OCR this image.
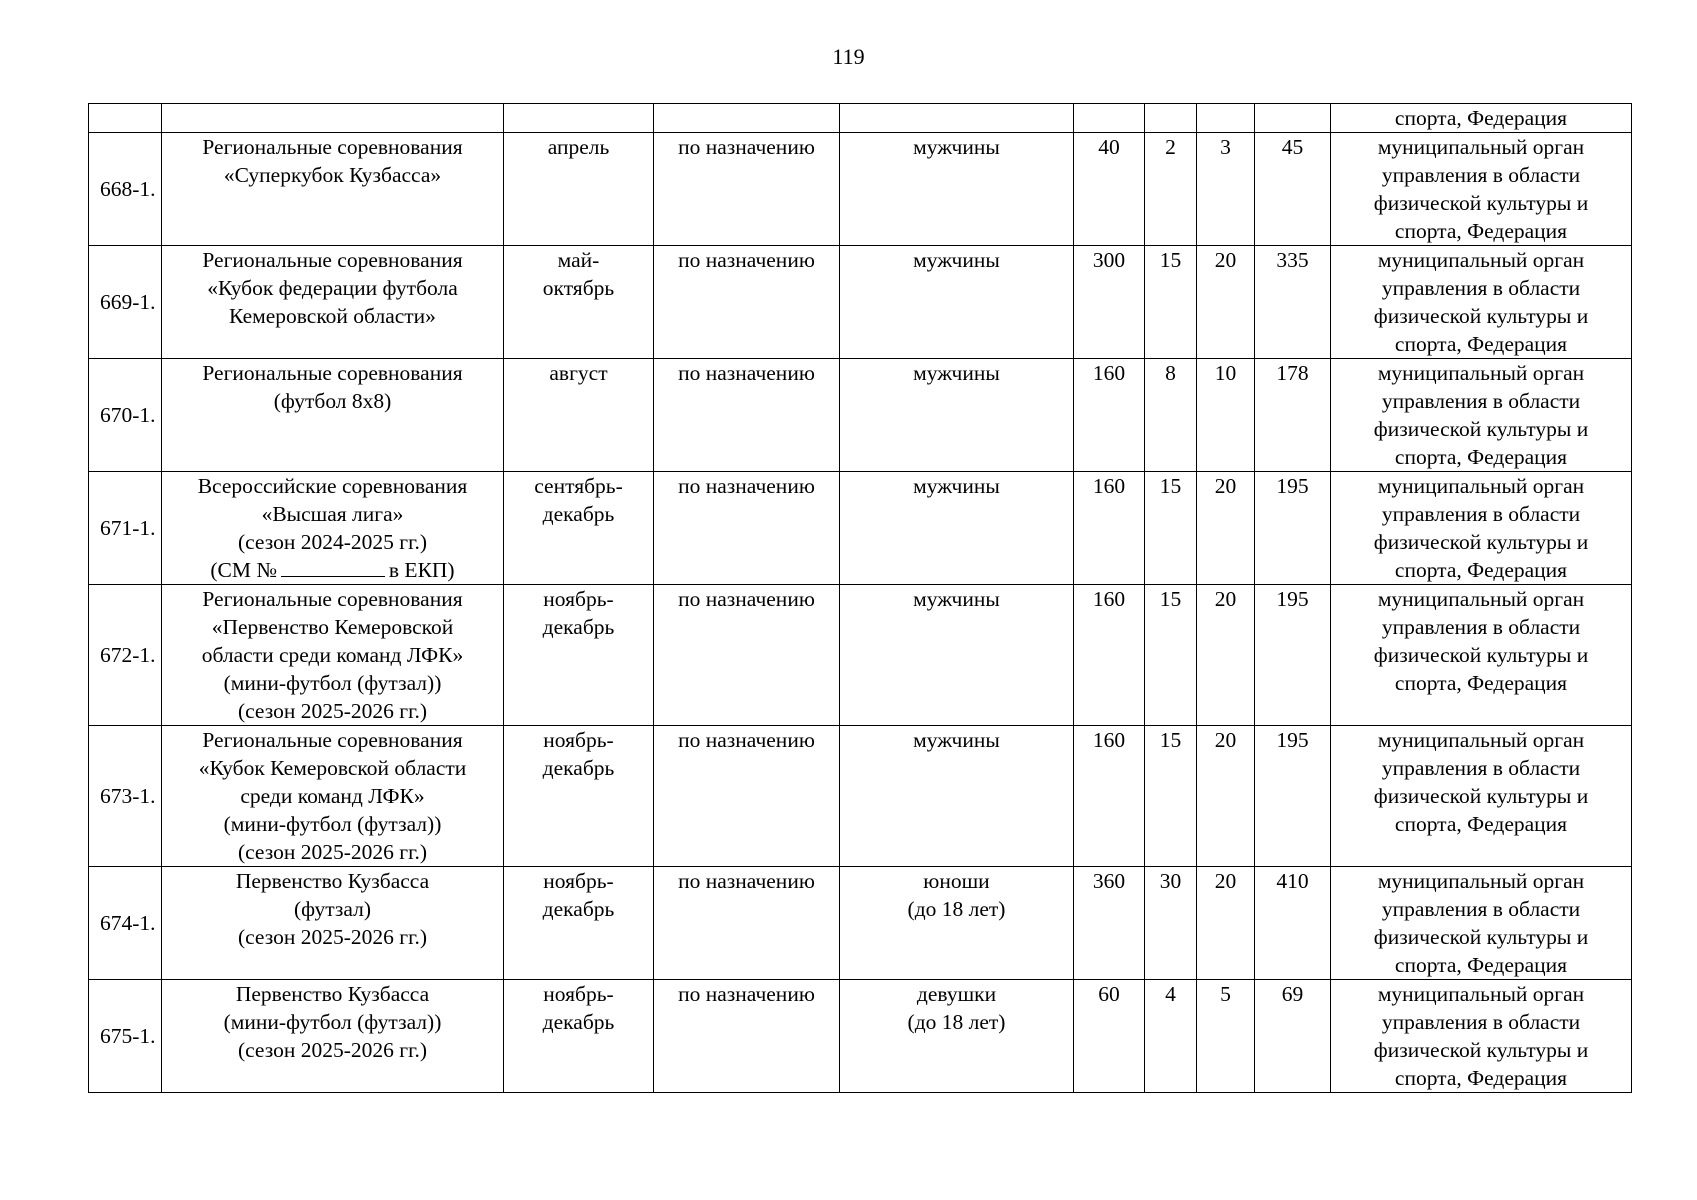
119

									спорта, Федерация

668-1.	Региональные соревнования
«Суперкубок Кузбасса»	апрель	по назначению	мужчины	40	2	3	45	муниципальный орган
управления в области
физической культуры и
спорта, Федерация

669-1.	Региональные соревнования
«Кубок федерации футбола
Кемеровской области»	май-
октябрь	по назначению	мужчины	300	15	20	335	муниципальный орган
управления в области
физической культуры и
спорта, Федерация

670-1.	Региональные соревнования
(футбол 8х8)	август	по назначению	мужчины	160	8	10	178	муниципальный орган
управления в области
физической культуры и
спорта, Федерация

671-1.	Всероссийские соревнования
«Высшая лига»
(сезон 2024-2025 гг.)
(СМ № в ЕКП)	сентябрь-
декабрь	по назначению	мужчины	160	15	20	195	муниципальный орган
управления в области
физической культуры и
спорта, Федерация

672-1.	Региональные соревнования
«Первенство Кемеровской
области среди команд ЛФК»
(мини-футбол (футзал))
(сезон 2025-2026 гг.)	ноябрь-
декабрь	по назначению	мужчины	160	15	20	195	муниципальный орган
управления в области
физической культуры и
спорта, Федерация

673-1.	Региональные соревнования
«Кубок Кемеровской области
среди команд ЛФК»
(мини-футбол (футзал))
(сезон 2025-2026 гг.)	ноябрь-
декабрь	по назначению	мужчины	160	15	20	195	муниципальный орган
управления в области
физической культуры и
спорта, Федерация

674-1.	Первенство Кузбасса
(футзал)
(сезон 2025-2026 гг.)	ноябрь-
декабрь	по назначению	юноши
(до 18 лет)	360	30	20	410	муниципальный орган
управления в области
физической культуры и
спорта, Федерация

675-1.	Первенство Кузбасса
(мини-футбол (футзал))
(сезон 2025-2026 гг.)	ноябрь-
декабрь	по назначению	девушки
(до 18 лет)	60	4	5	69	муниципальный орган
управления в области
физической культуры и
спорта, Федерация
